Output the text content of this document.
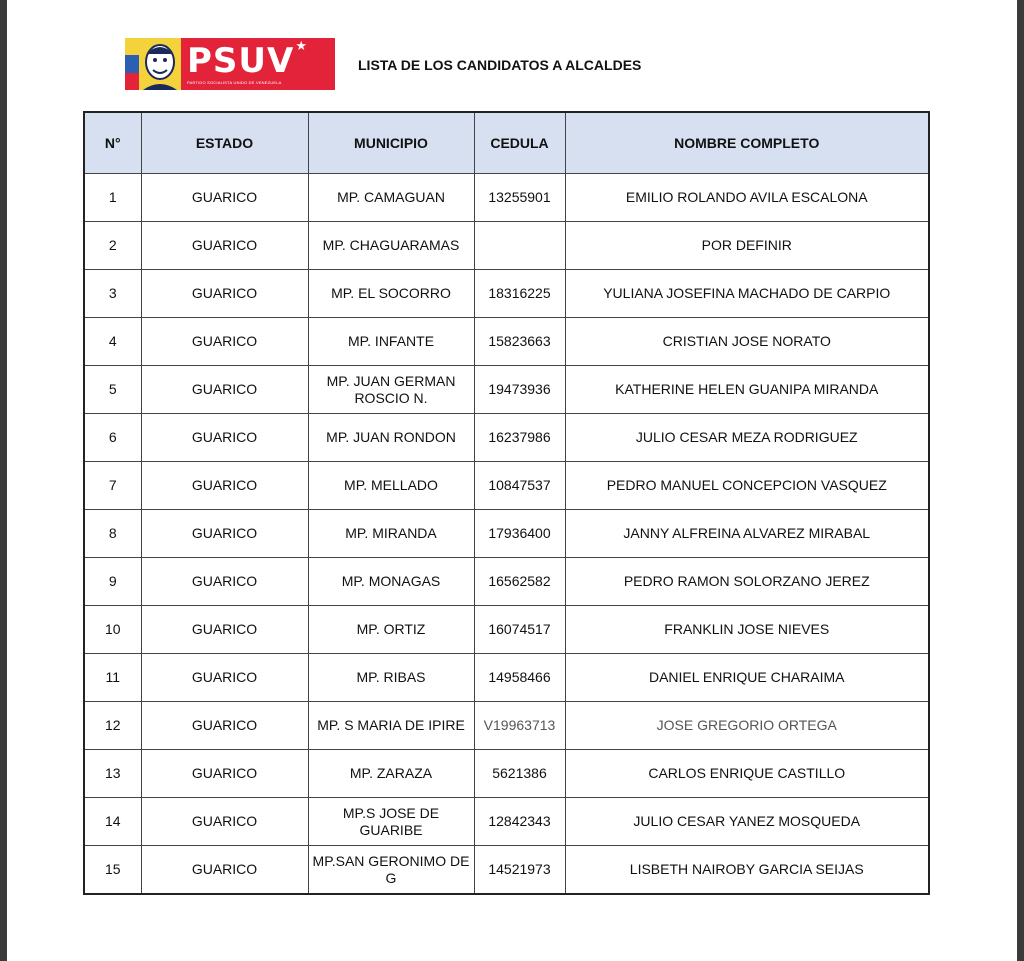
PSUV
PARTIDO SOCIALISTA UNIDO DE VENEZUELA
★
LISTA DE LOS CANDIDATOS A ALCALDES
N°	ESTADO	MUNICIPIO	CEDULA	NOMBRE COMPLETO
1	GUARICO	MP. CAMAGUAN	13255901	EMILIO ROLANDO AVILA ESCALONA
2	GUARICO	MP. CHAGUARAMAS		POR DEFINIR
3	GUARICO	MP. EL SOCORRO	18316225	YULIANA JOSEFINA MACHADO DE CARPIO
4	GUARICO	MP. INFANTE	15823663	CRISTIAN JOSE NORATO
5	GUARICO	MP. JUAN GERMAN ROSCIO N.	19473936	KATHERINE HELEN GUANIPA MIRANDA
6	GUARICO	MP. JUAN RONDON	16237986	JULIO CESAR MEZA RODRIGUEZ
7	GUARICO	MP. MELLADO	10847537	PEDRO MANUEL CONCEPCION VASQUEZ
8	GUARICO	MP. MIRANDA	17936400	JANNY ALFREINA ALVAREZ MIRABAL
9	GUARICO	MP. MONAGAS	16562582	PEDRO RAMON SOLORZANO JEREZ
10	GUARICO	MP. ORTIZ	16074517	FRANKLIN JOSE NIEVES
11	GUARICO	MP. RIBAS	14958466	DANIEL ENRIQUE CHARAIMA
12	GUARICO	MP. S MARIA DE IPIRE	V19963713	JOSE GREGORIO ORTEGA
13	GUARICO	MP. ZARAZA	5621386	CARLOS ENRIQUE CASTILLO
14	GUARICO	MP.S JOSE DE GUARIBE	12842343	JULIO CESAR YANEZ MOSQUEDA
15	GUARICO	MP.SAN GERONIMO DE G	14521973	LISBETH NAIROBY GARCIA SEIJAS
